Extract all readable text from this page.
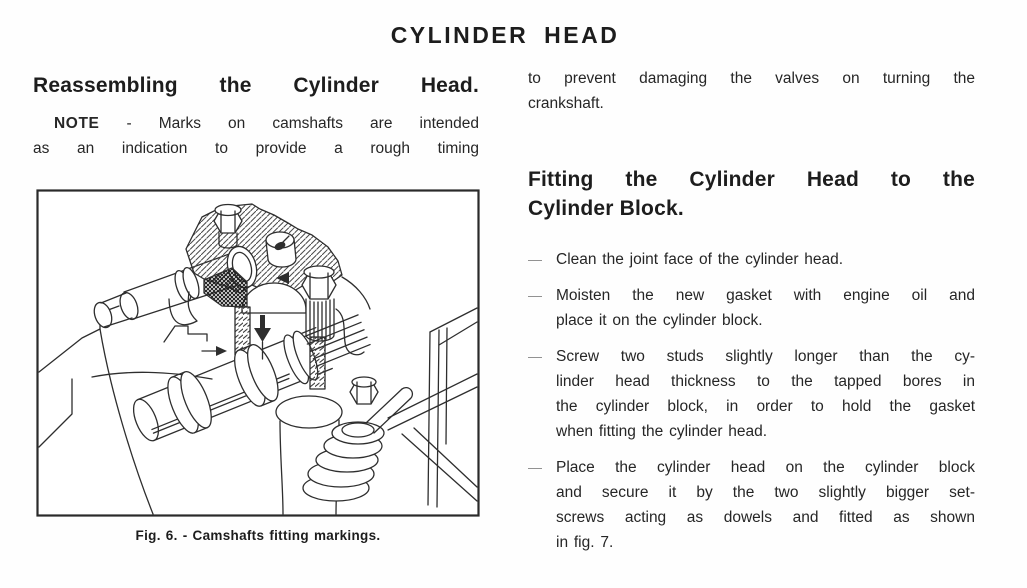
CYLINDER HEAD
Reassembling the Cylinder Head.
NOTE - Marks on camshafts are intended
as an indication to provide a rough timing
Fig. 6. - Camshafts fitting markings.
to prevent damaging the valves on turning the
crankshaft.
Fitting the Cylinder Head to the
Cylinder Block.
— Clean the joint face of the cylinder head.
— Moisten the new gasket with engine oil and
place it on the cylinder block.
— Screw two studs slightly longer than the cy-
linder head thickness to the tapped bores in
the cylinder block, in order to hold the gasket
when fitting the cylinder head.
— Place the cylinder head on the cylinder block
and secure it by the two slightly bigger set-
screws acting as dowels and fitted as shown
in fig. 7.
